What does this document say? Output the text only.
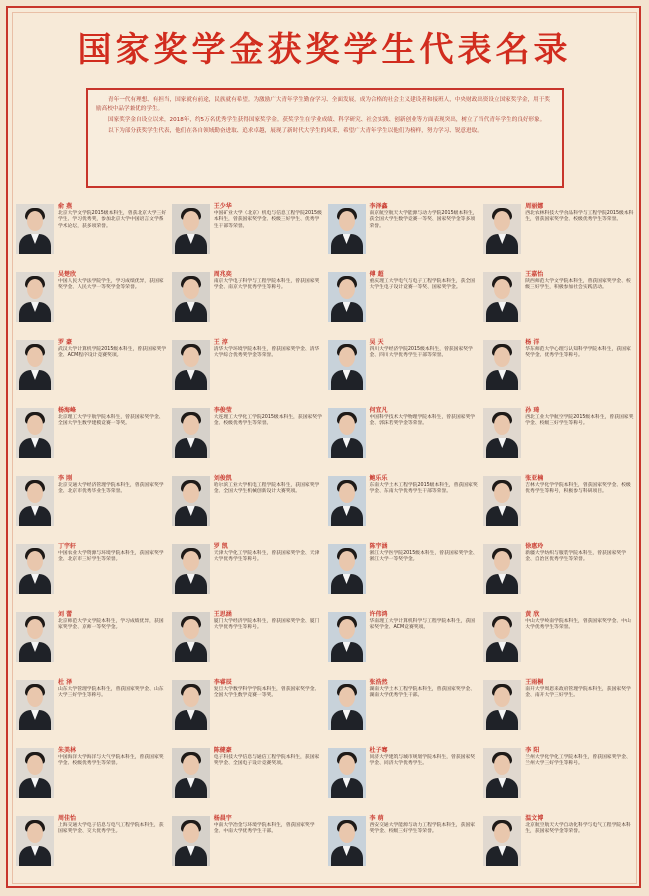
国家奖学金获奖学生代表名录

青年一代有理想、有担当，国家就有前途，民族就有希望。为激励广大青年学生勤奋学习、全面发展，成为合格的社会主义建设者和接班人，中央财政出资设立国家奖学金，用于奖励高校中品学兼优的学生。

国家奖学金自设立以来，2018年，约5万名优秀学生获得国家奖学金。获奖学生在学业成绩、科学研究、社会实践、创新创业等方面表现突出，树立了当代青年学生的良好形象。

以下为部分获奖学生代表，他们在各自领域勤奋进取、追求卓越，展现了新时代大学生的风采，希望广大青年学生以他们为榜样，努力学习、锐意进取。

俞 燕
北京大学文学院2015级本科生，曾获北京大学三好学生、学习优秀奖，参加北京大学中国语言文学系学术论坛，获多项荣誉。
王少华
中国矿业大学（北京）机电与信息工程学院2015级本科生，曾获国家奖学金、校级三好学生、优秀学生干部等荣誉。
李泽鑫
南京航空航天大学能源与动力学院2015级本科生，获全国大学生数学竞赛一等奖、国家奖学金等多项荣誉。
周丽娜
西北农林科技大学食品科学与工程学院2015级本科生，曾获国家奖学金、校级优秀学生等荣誉。
吴楚欣
中国人民大学法学院学生，学习成绩优异，获国家奖学金、人民大学一等奖学金等荣誉。
周兆奕
南京大学电子科学与工程学院本科生，曾获国家奖学金、南京大学优秀学生等称号。
傅 超
重庆理工大学电气与电子工程学院本科生，获全国大学生电子设计竞赛一等奖、国家奖学金。
王嘉怡
陕西师范大学文学院本科生，曾获国家奖学金、校级三好学生，积极参加社会实践活动。
罗 豪
武汉大学计算机学院2015级本科生，曾获国家奖学金、ACM程序设计竞赛奖项。
王 淳
清华大学环境学院本科生，曾获国家奖学金、清华大学综合优秀奖学金等荣誉。
吴 天
四川大学经济学院2015级本科生，曾获国家奖学金、四川大学优秀学生干部等荣誉。
杨 洋
华东师范大学心理与认知科学学院本科生，获国家奖学金、优秀学生等称号。
杨海峰
北京理工大学宇航学院本科生，曾获国家奖学金、全国大学生数学建模竞赛一等奖。
李俊莹
大连理工大学化工学院2015级本科生，获国家奖学金、校级优秀学生等荣誉。
何宜凡
中国科学技术大学物理学院本科生，曾获国家奖学金、郭沫若奖学金等荣誉。
孙 琦
西北工业大学航空学院2015级本科生，曾获国家奖学金、校级三好学生等称号。
李 刚
北京交通大学经济管理学院本科生，曾获国家奖学金、北京市优秀毕业生等荣誉。
刘俊凯
哈尔滨工业大学机电工程学院本科生，获国家奖学金、全国大学生机械创新设计大赛奖项。
鲍乐乐
东南大学土木工程学院2015级本科生，曾获国家奖学金、东南大学优秀学生干部等荣誉。
张亚楠
吉林大学化学学院本科生，曾获国家奖学金、校级优秀学生等称号，积极参与科研项目。
丁宇轩
中国农业大学资源与环境学院本科生，获国家奖学金、北京市三好学生等荣誉。
罗 凯
天津大学化工学院本科生，曾获国家奖学金、天津大学优秀学生等称号。
陈宇涵
浙江大学医学院2015级本科生，曾获国家奖学金、浙江大学一等奖学金。
徐惠玲
新疆大学纺织与服装学院本科生，曾获国家奖学金、自治区优秀学生等荣誉。
刘 蕾
北京师范大学文学院本科生，学习成绩优异，获国家奖学金、京师一等奖学金。
王思涵
厦门大学经济学院本科生，曾获国家奖学金、厦门大学优秀学生等称号。
许伟鸿
华南理工大学计算机科学与工程学院本科生，获国家奖学金、ACM竞赛奖项。
黄 欣
中山大学岭南学院本科生，曾获国家奖学金、中山大学优秀学生等荣誉。
杜 泽
山东大学管理学院本科生，曾获国家奖学金、山东大学三好学生等称号。
李睿辰
复旦大学数学科学学院本科生，曾获国家奖学金、全国大学生数学竞赛一等奖。
张浩然
湖南大学土木工程学院本科生，曾获国家奖学金、湖南大学优秀学生干部。
王雨桐
南开大学周恩来政府管理学院本科生，获国家奖学金、南开大学三好学生。
朱美林
中国海洋大学海洋与大气学院本科生，曾获国家奖学金、校级优秀学生等荣誉。
陈健豪
电子科技大学信息与通信工程学院本科生，获国家奖学金、全国电子设计竞赛奖项。
杜子骞
同济大学建筑与城市规划学院本科生，曾获国家奖学金、同济大学优秀学生。
李 阳
兰州大学化学化工学院本科生，曾获国家奖学金、兰州大学三好学生等称号。
周佳怡
上海交通大学电子信息与电气工程学院本科生，获国家奖学金、交大优秀学生。
杨晨宇
中南大学冶金与环境学院本科生，曾获国家奖学金、中南大学优秀学生干部。
李 萌
西安交通大学能源与动力工程学院本科生，获国家奖学金、校级三好学生等荣誉。
温文博
北京航空航天大学自动化科学与电气工程学院本科生，获国家奖学金等荣誉。
